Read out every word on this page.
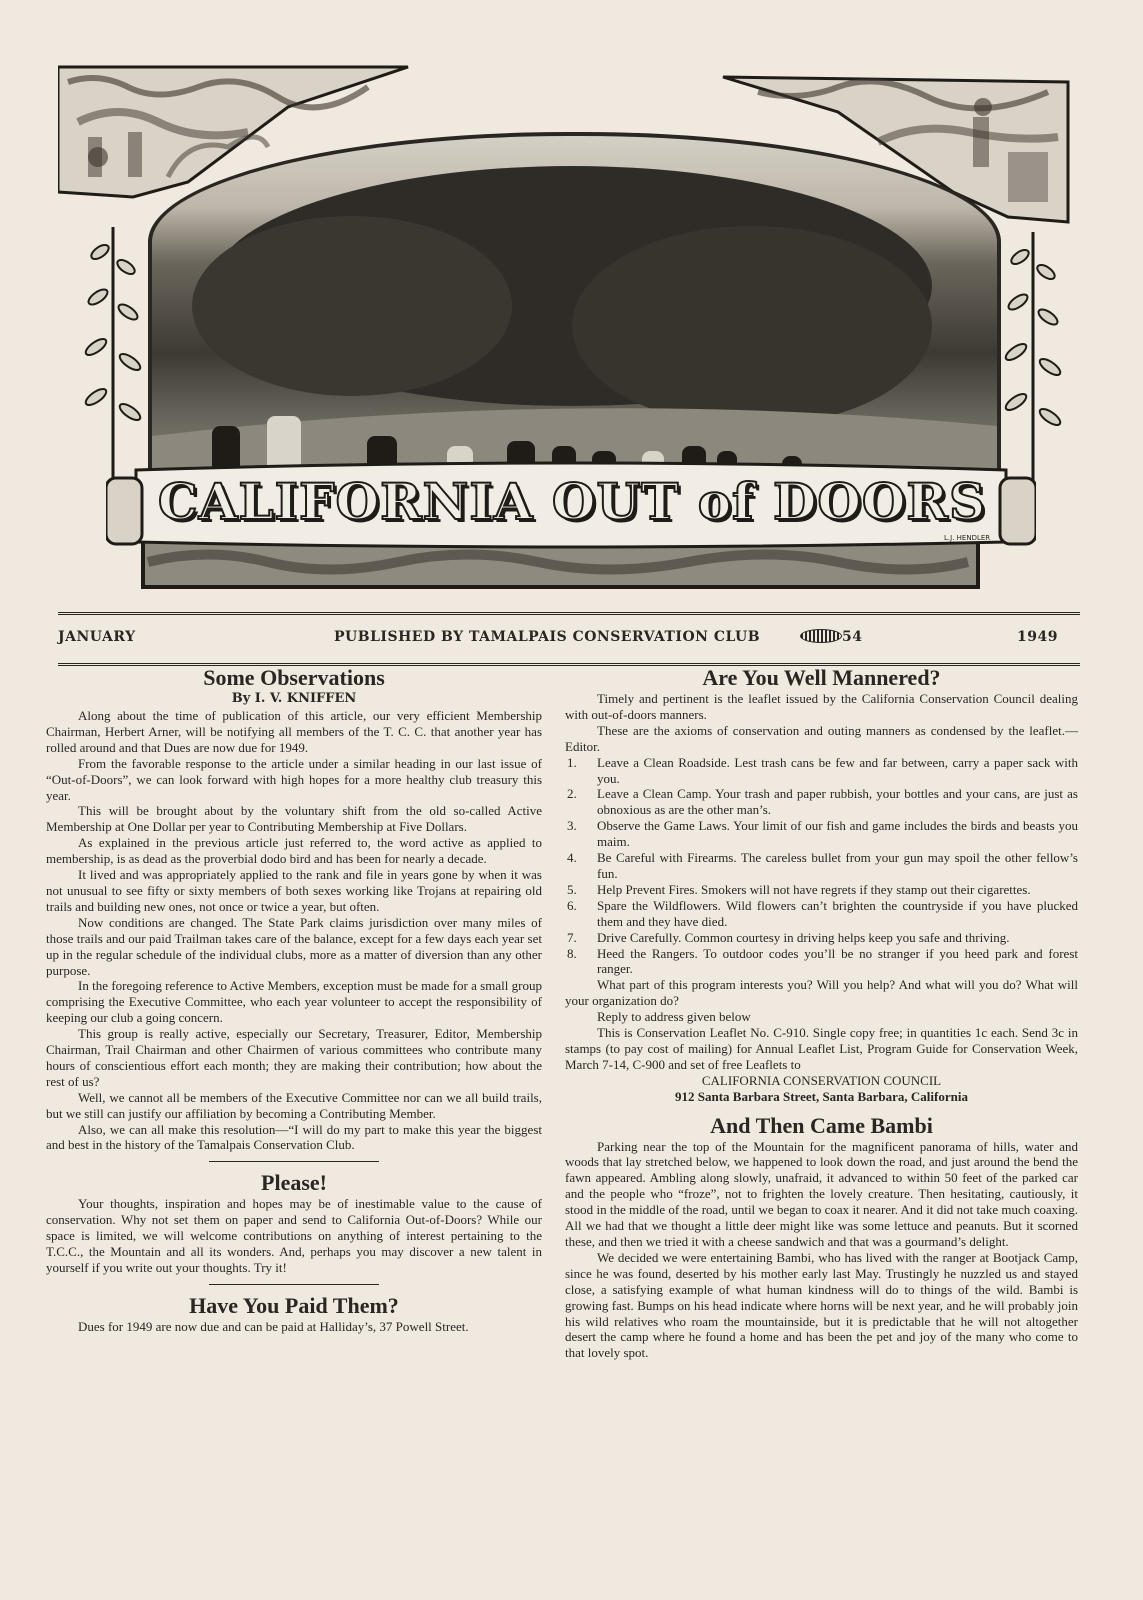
CALIFORNIA OUT of DOORS
L.J. HENDLER
JANUARY	PUBLISHED BY TAMALPAIS CONSERVATION CLUB	54	1949
Some Observations
By I. V. KNIFFEN

Along about the time of publication of this article, our very efficient Membership Chairman, Herbert Arner, will be notifying all members of the T. C. C. that another year has rolled around and that Dues are now due for 1949.

From the favorable response to the article under a similar heading in our last issue of “Out-of-Doors”, we can look forward with high hopes for a more healthy club treasury this year.

This will be brought about by the voluntary shift from the old so-called Active Membership at One Dollar per year to Contributing Membership at Five Dollars.

As explained in the previous article just referred to, the word active as applied to membership, is as dead as the proverbial dodo bird and has been for nearly a decade.

It lived and was appropriately applied to the rank and file in years gone by when it was not unusual to see fifty or sixty members of both sexes working like Trojans at repairing old trails and building new ones, not once or twice a year, but often.

Now conditions are changed. The State Park claims jurisdiction over many miles of those trails and our paid Trailman takes care of the balance, except for a few days each year set up in the regular schedule of the individual clubs, more as a matter of diversion than any other purpose.

In the foregoing reference to Active Members, exception must be made for a small group comprising the Executive Committee, who each year volunteer to accept the responsibility of keeping our club a going concern.

This group is really active, especially our Secretary, Treasurer, Editor, Membership Chairman, Trail Chairman and other Chairmen of various committees who contribute many hours of conscientious effort each month; they are making their contribution; how about the rest of us?

Well, we cannot all be members of the Executive Committee nor can we all build trails, but we still can justify our affiliation by becoming a Contributing Member.

Also, we can all make this resolution—“I will do my part to make this year the biggest and best in the history of the Tamalpais Conservation Club.

Please!

Your thoughts, inspiration and hopes may be of inestimable value to the cause of conservation. Why not set them on paper and send to California Out-of-Doors? While our space is limited, we will welcome contributions on anything of interest pertaining to the T.C.C., the Mountain and all its wonders. And, perhaps you may discover a new talent in yourself if you write out your thoughts. Try it!

Have You Paid Them?

Dues for 1949 are now due and can be paid at Halliday’s, 37 Powell Street.

Are You Well Mannered?

Timely and pertinent is the leaflet issued by the California Conservation Council dealing with out-of-doors manners.

These are the axioms of conservation and outing manners as condensed by the leaflet.—Editor.

1. Leave a Clean Roadside. Lest trash cans be few and far between, carry a paper sack with you.
2. Leave a Clean Camp. Your trash and paper rubbish, your bottles and your cans, are just as obnoxious as are the other man’s.
3. Observe the Game Laws. Your limit of our fish and game includes the birds and beasts you maim.
4. Be Careful with Firearms. The careless bullet from your gun may spoil the other fellow’s fun.
5. Help Prevent Fires. Smokers will not have regrets if they stamp out their cigarettes.
6. Spare the Wildflowers. Wild flowers can’t brighten the countryside if you have plucked them and they have died.
7. Drive Carefully. Common courtesy in driving helps keep you safe and thriving.
8. Heed the Rangers. To outdoor codes you’ll be no stranger if you heed park and forest ranger.

What part of this program interests you? Will you help? And what will you do? What will your organization do?

Reply to address given below

This is Conservation Leaflet No. C-910. Single copy free; in quantities 1c each. Send 3c in stamps (to pay cost of mailing) for Annual Leaflet List, Program Guide for Conservation Week, March 7-14, C-900 and set of free Leaflets to

CALIFORNIA CONSERVATION COUNCIL
912 Santa Barbara Street, Santa Barbara, California
And Then Came Bambi

Parking near the top of the Mountain for the magnificent panorama of hills, water and woods that lay stretched below, we happened to look down the road, and just around the bend the fawn appeared. Ambling along slowly, unafraid, it advanced to within 50 feet of the parked car and the people who “froze”, not to frighten the lovely creature. Then hesitating, cautiously, it stood in the middle of the road, until we began to coax it nearer. And it did not take much coaxing. All we had that we thought a little deer might like was some lettuce and peanuts. But it scorned these, and then we tried it with a cheese sandwich and that was a gourmand’s delight.

We decided we were entertaining Bambi, who has lived with the ranger at Bootjack Camp, since he was found, deserted by his mother early last May. Trustingly he nuzzled us and stayed close, a satisfying example of what human kindness will do to things of the wild. Bambi is growing fast. Bumps on his head indicate where horns will be next year, and he will probably join his wild relatives who roam the mountainside, but it is predictable that he will not altogether desert the camp where he found a home and has been the pet and joy of the many who come to that lovely spot.
